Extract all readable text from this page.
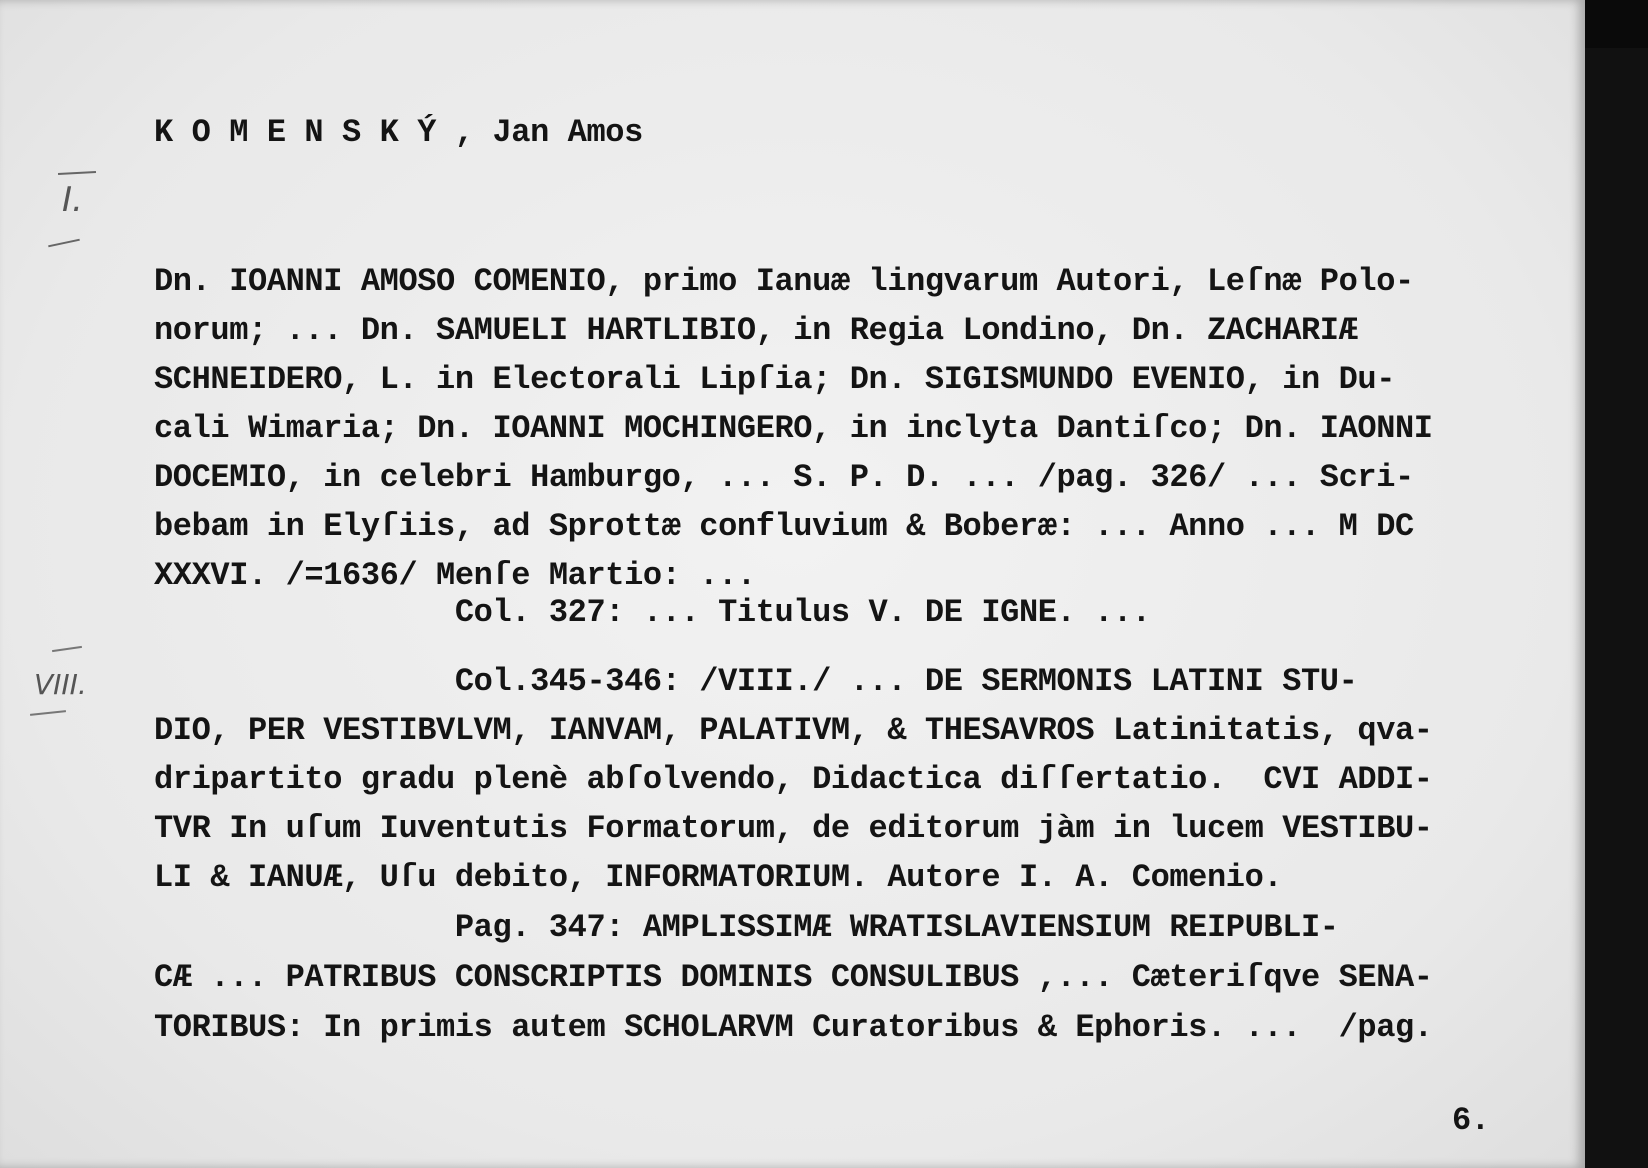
I.
VIII.
K O M E N S K Ý , Jan Amos
Dn. IOANNI AMOSO COMENIO, primo Ianuæ lingvarum Autori, Leſnæ Polo-
norum; ... Dn. SAMUELI HARTLIBIO, in Regia Londino, Dn. ZACHARIÆ
SCHNEIDERO, L. in Electorali Lipſia; Dn. SIGISMUNDO EVENIO, in Du-
cali Wimaria; Dn. IOANNI MOCHINGERO, in inclyta Dantiſco; Dn. IAONNI
DOCEMIO, in celebri Hamburgo, ... S. P. D. ... /pag. 326/ ... Scri-
bebam in Elyſiis, ad Sprottæ confluvium & Boberæ: ... Anno ... M DC
XXXVI. /=1636/ Menſe Martio: ...
Col. 327: ... Titulus V. DE IGNE. ...
Col.345-346: /VIII./ ... DE SERMONIS LATINI STU-
DIO, PER VESTIBVLVM, IANVAM, PALATIVM, & THESAVROS Latinitatis, qva-
dripartito gradu plenè abſolvendo, Didactica diſſertatio.  CVI ADDI-
TVR In uſum Iuventutis Formatorum, de editorum jàm in lucem VESTIBU-
LI & IANUÆ, Uſu debito, INFORMATORIUM. Autore I. A. Comenio.
Pag. 347: AMPLISSIMÆ WRATISLAVIENSIUM REIPUBLI-
CÆ ... PATRIBUS CONSCRIPTIS DOMINIS CONSULIBUS ,... Cæteriſqve SENA-
TORIBUS: In primis autem SCHOLARVM Curatoribus & Ephoris. ...  /pag.
6.
